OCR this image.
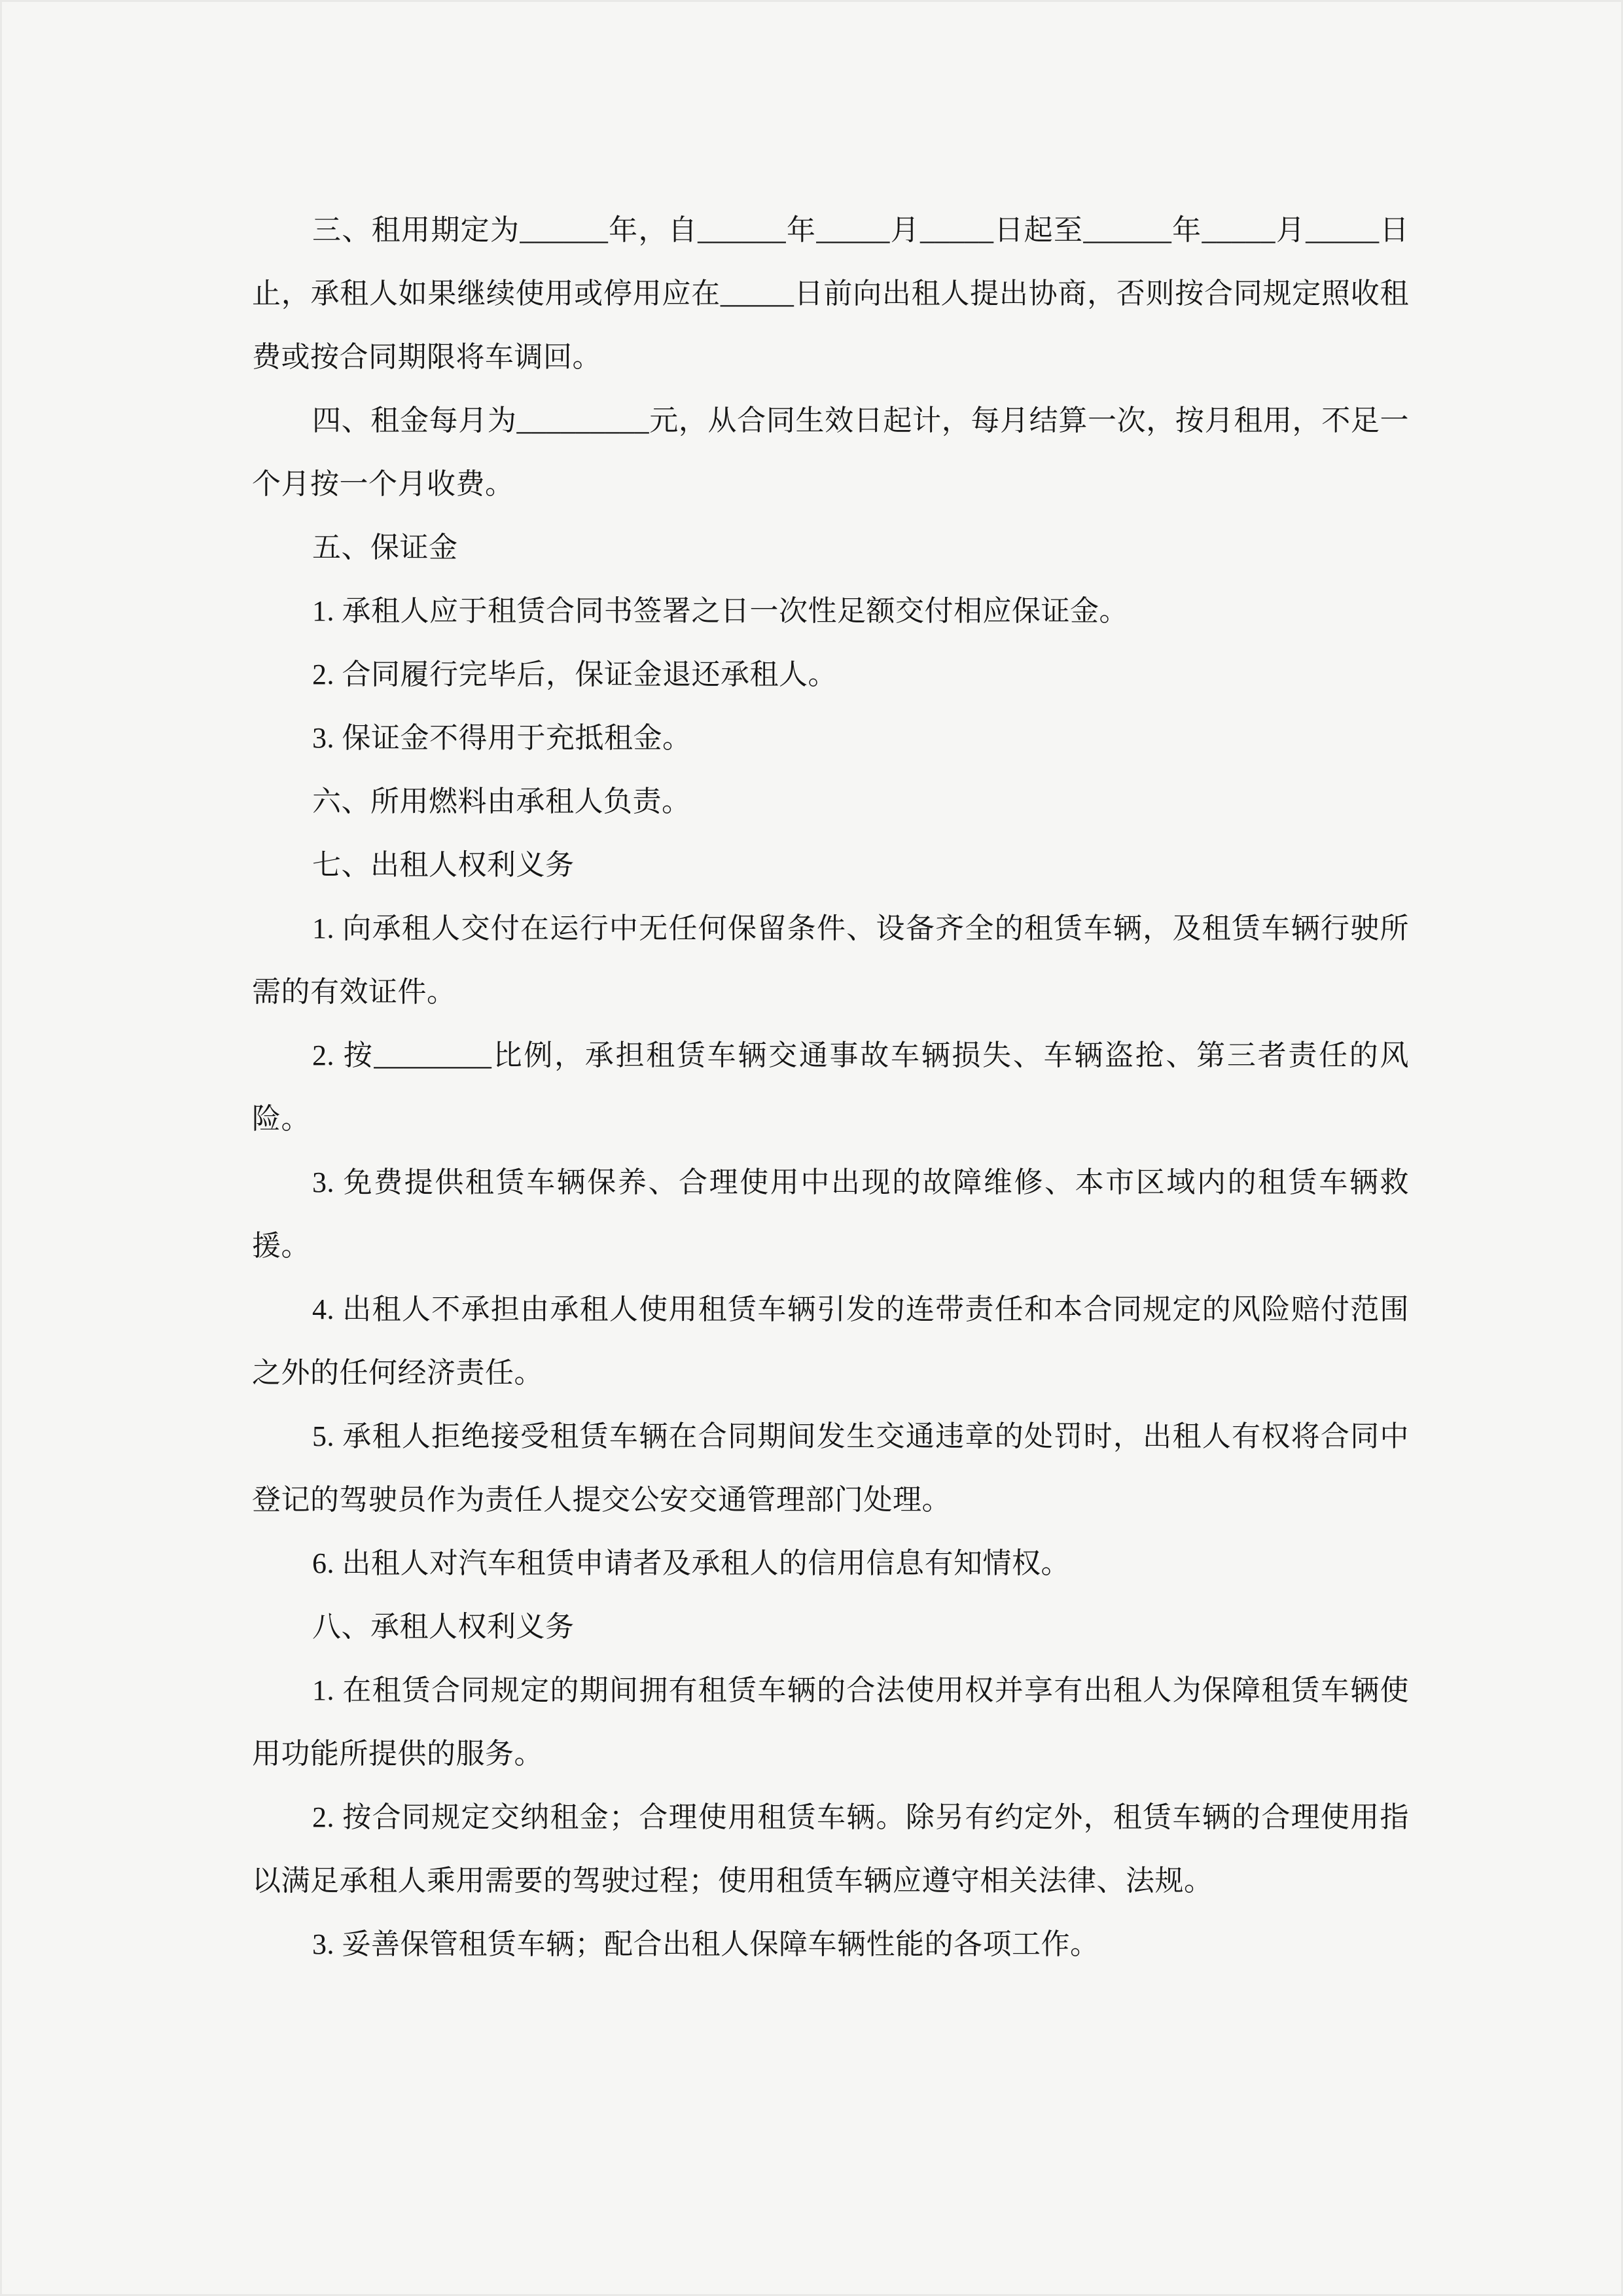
三、租用期定为______年，自______年_____月_____日起至______年_____月_____日止，承租人如果继续使用或停用应在_____日前向出租人提出协商，否则按合同规定照收租费或按合同期限将车调回。

四、租金每月为_________元，从合同生效日起计，每月结算一次，按月租用，不足一个月按一个月收费。

五、保证金

1. 承租人应于租赁合同书签署之日一次性足额交付相应保证金。

2. 合同履行完毕后，保证金退还承租人。

3. 保证金不得用于充抵租金。

六、所用燃料由承租人负责。

七、出租人权利义务

1. 向承租人交付在运行中无任何保留条件、设备齐全的租赁车辆，及租赁车辆行驶所需的有效证件。

2. 按________比例，承担租赁车辆交通事故车辆损失、车辆盗抢、第三者责任的风险。

3. 免费提供租赁车辆保养、合理使用中出现的故障维修、本市区域内的租赁车辆救援。

4. 出租人不承担由承租人使用租赁车辆引发的连带责任和本合同规定的风险赔付范围之外的任何经济责任。

5. 承租人拒绝接受租赁车辆在合同期间发生交通违章的处罚时，出租人有权将合同中登记的驾驶员作为责任人提交公安交通管理部门处理。

6. 出租人对汽车租赁申请者及承租人的信用信息有知情权。

八、承租人权利义务

1. 在租赁合同规定的期间拥有租赁车辆的合法使用权并享有出租人为保障租赁车辆使用功能所提供的服务。

2. 按合同规定交纳租金；合理使用租赁车辆。除另有约定外，租赁车辆的合理使用指以满足承租人乘用需要的驾驶过程；使用租赁车辆应遵守相关法律、法规。

3. 妥善保管租赁车辆；配合出租人保障车辆性能的各项工作。
